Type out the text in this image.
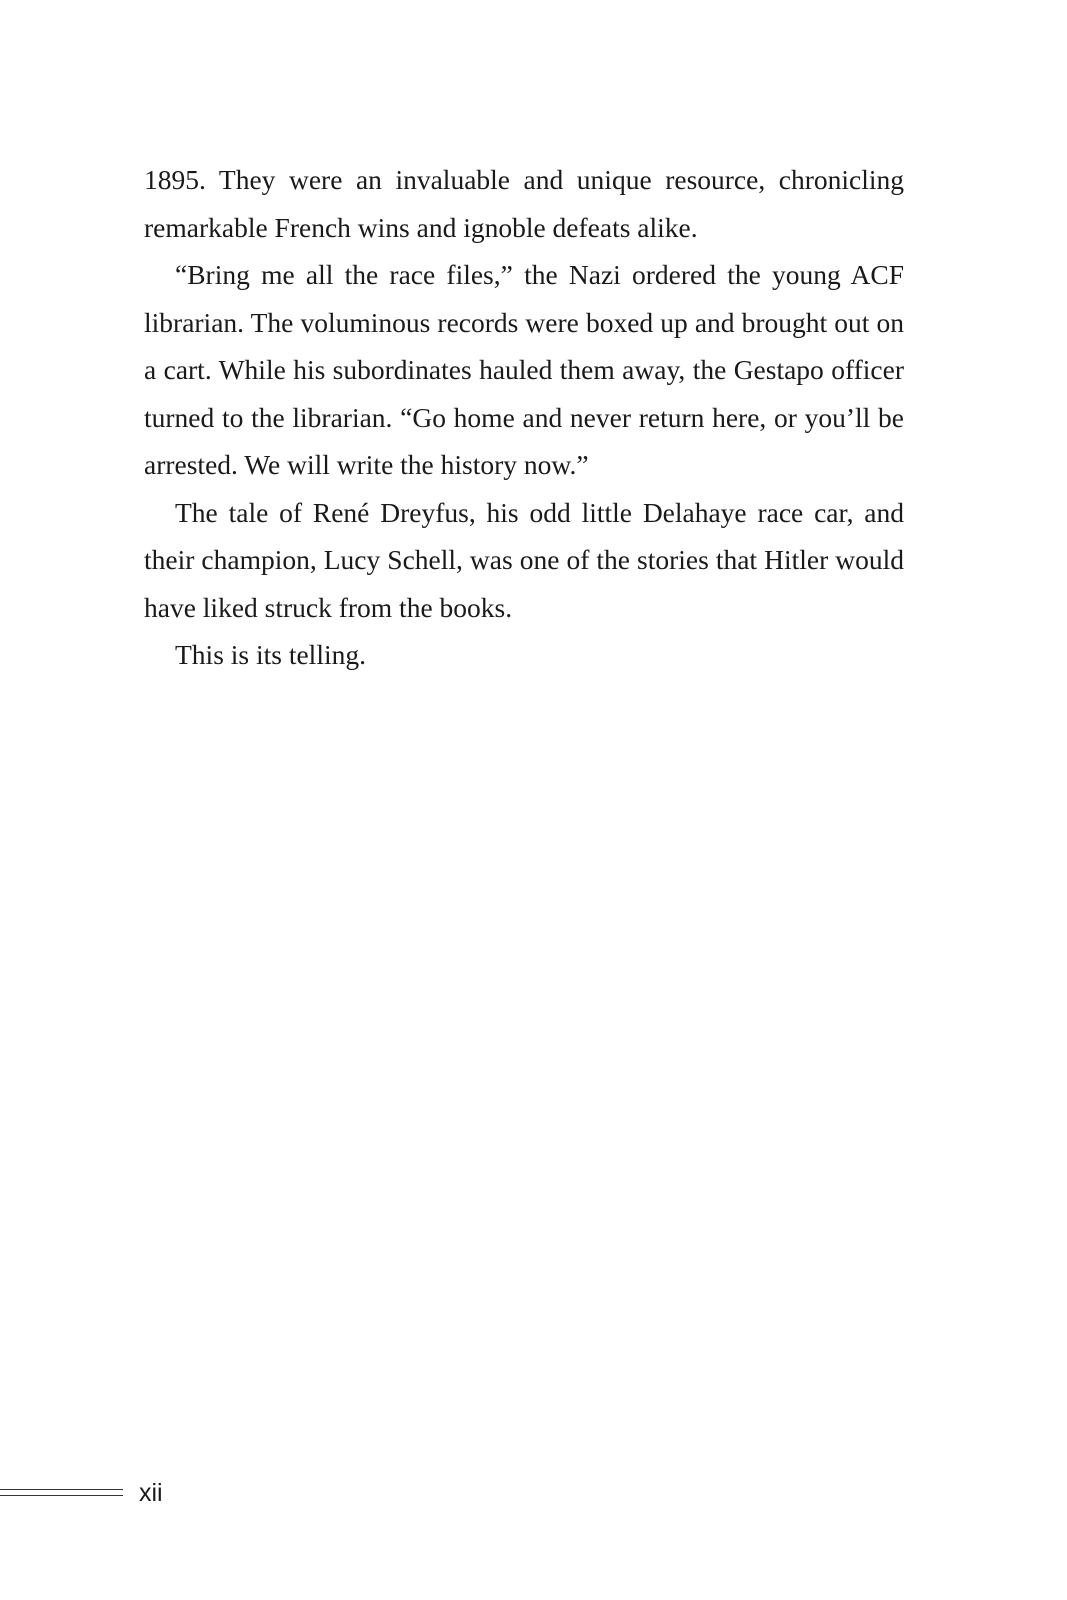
1895. They were an invaluable and unique resource, chronicling remarkable French wins and ignoble defeats alike.

“Bring me all the race files,” the Nazi ordered the young ACF librarian. The voluminous records were boxed up and brought out on a cart. While his subordinates hauled them away, the Gestapo officer turned to the librarian. “Go home and never return here, or you’ll be arrested. We will write the history now.”

The tale of René Dreyfus, his odd little Delahaye race car, and their champion, Lucy Schell, was one of the stories that Hitler would have liked struck from the books.

This is its telling.

xii
